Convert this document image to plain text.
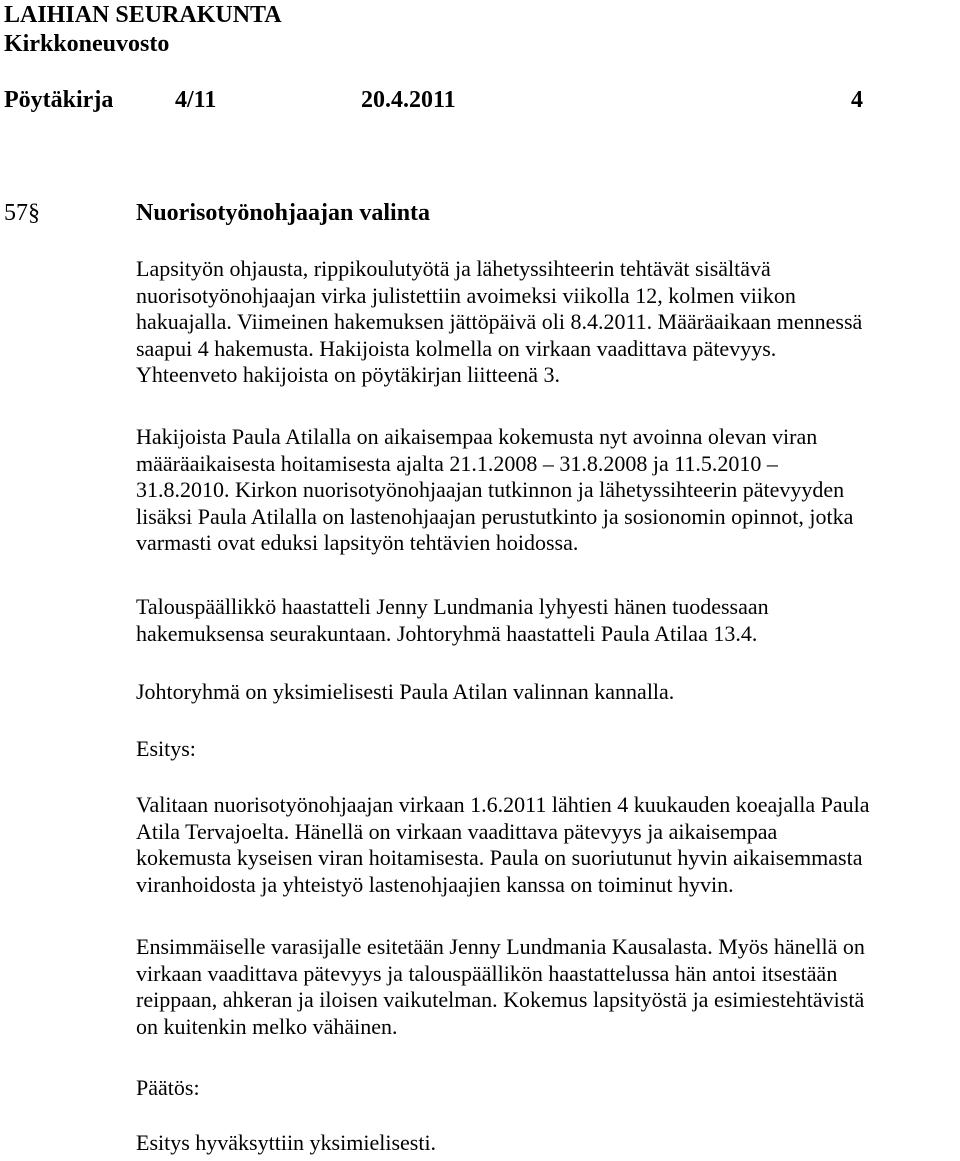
LAIHIAN SEURAKUNTA
Kirkkoneuvosto
Pöytäkirja	4/11	20.4.2011	4
57§	Nuorisotyönohjaajan valinta
Lapsityön ohjausta, rippikoulutyötä ja lähetyssihteerin tehtävät sisältävä
nuorisotyönohjaajan virka julistettiin avoimeksi viikolla 12, kolmen viikon
hakuajalla. Viimeinen hakemuksen jättöpäivä oli 8.4.2011. Määräaikaan mennessä
saapui 4 hakemusta. Hakijoista kolmella on virkaan vaadittava pätevyys.
Yhteenveto hakijoista on pöytäkirjan liitteenä 3.
Hakijoista Paula Atilalla on aikaisempaa kokemusta nyt avoinna olevan viran
määräaikaisesta hoitamisesta ajalta 21.1.2008 – 31.8.2008 ja 11.5.2010 –
31.8.2010. Kirkon nuorisotyönohjaajan tutkinnon ja lähetyssihteerin pätevyyden
lisäksi Paula Atilalla on lastenohjaajan perustutkinto ja sosionomin opinnot, jotka
varmasti ovat eduksi lapsityön tehtävien hoidossa.
Talouspäällikkö haastatteli Jenny Lundmania lyhyesti hänen tuodessaan
hakemuksensa seurakuntaan. Johtoryhmä haastatteli Paula Atilaa 13.4.
Johtoryhmä on yksimielisesti Paula Atilan valinnan kannalla.
Esitys:
Valitaan nuorisotyönohjaajan virkaan 1.6.2011 lähtien 4 kuukauden koeajalla Paula
Atila Tervajoelta. Hänellä on virkaan vaadittava pätevyys ja aikaisempaa
kokemusta kyseisen viran hoitamisesta. Paula on suoriutunut hyvin aikaisemmasta
viranhoidosta ja yhteistyö lastenohjaajien kanssa on toiminut hyvin.
Ensimmäiselle varasijalle esitetään Jenny Lundmania Kausalasta. Myös hänellä on
virkaan vaadittava pätevyys ja talouspäällikön haastattelussa hän antoi itsestään
reippaan, ahkeran ja iloisen vaikutelman. Kokemus lapsityöstä ja esimiestehtävistä
on kuitenkin melko vähäinen.
Päätös:
Esitys hyväksyttiin yksimielisesti.
